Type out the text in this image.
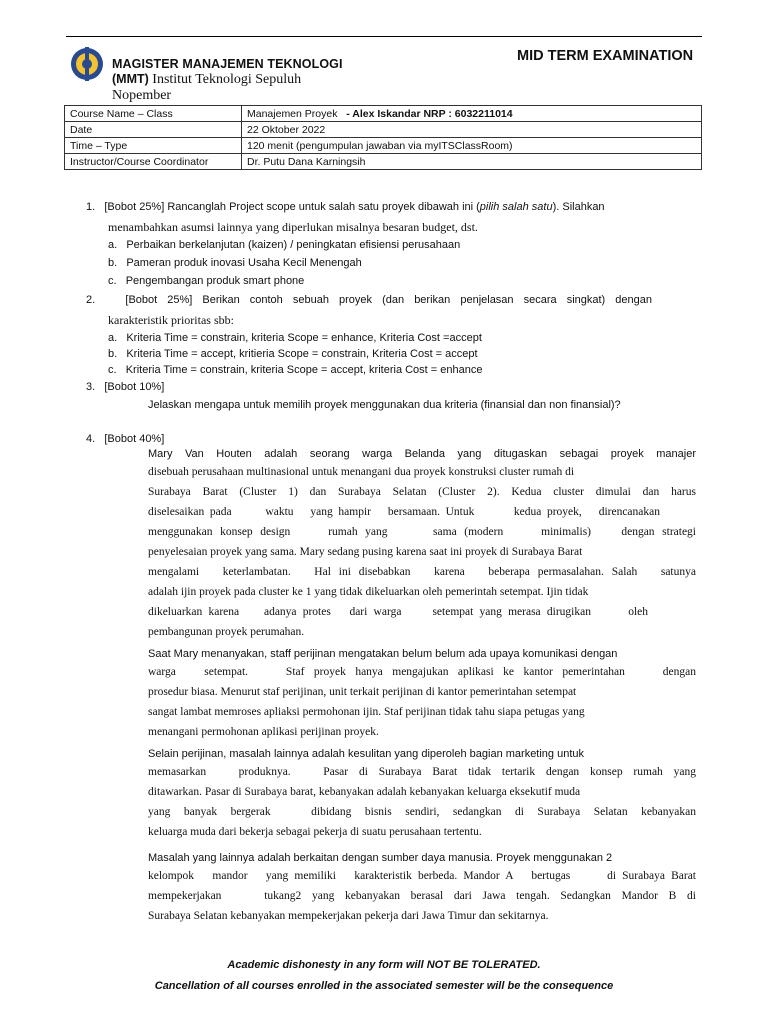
MAGISTER MANAJEMEN TEKNOLOGI
(MMT) Institut Teknologi Sepuluh
Nopember
MID TERM EXAMINATION
Course Name – Class	Manajemen Proyek - Alex Iskandar NRP : 6032211014
Date	22 Oktober 2022
Time – Type	120 menit (pengumpulan jawaban via myITSClassRoom)
Instructor/Course Coordinator	Dr. Putu Dana Karningsih
1.   [Bobot 25%] Rancanglah Project scope untuk salah satu proyek dibawah ini (pilih salah satu). Silahkan
menambahkan asumsi lainnya yang diperlukan misalnya besaran budget, dst.
a.   Perbaikan berkelanjutan (kaizen) / peningkatan efisiensi perusahaan
b.   Pameran produk inovasi Usaha Kecil Menengah
c.   Pengembangan produk smart phone
2.   [Bobot 25%] Berikan contoh sebuah proyek (dan berikan penjelasan secara singkat) dengan
karakteristik prioritas sbb:
a.   Kriteria Time = constrain, kriteria Scope = enhance, Kriteria Cost =accept
b.   Kriteria Time = accept, kritieria Scope = constrain, Kriteria Cost = accept
c.   Kriteria Time = constrain, kriteria Scope = accept, kriteria Cost = enhance
3.   [Bobot 10%]
Jelaskan mengapa untuk memilih proyek menggunakan dua kriteria (finansial dan non finansial)?
4.   [Bobot 40%]
Mary Van Houten adalah seorang warga Belanda yang ditugaskan sebagai proyek manajer
disebuah perusahaan multinasional untuk menangani dua proyek konstruksi cluster rumah di
Surabaya Barat (Cluster 1) dan Surabaya Selatan (Cluster 2). Kedua cluster dimulai dan harus
diselesaikan pada      waktu   yang hampir   bersamaan. Untuk       kedua proyek,   direncanakan
menggunakan konsep design     rumah yang      sama (modern     minimalis)    dengan strategi
penyelesaian proyek yang sama. Mary sedang pusing karena saat ini proyek di Surabaya Barat
mengalami   keterlambatan.   Hal ini disebabkan   karena   beberapa permasalahan. Salah   satunya
adalah ijin proyek pada cluster ke 1 yang tidak dikeluarkan oleh pemerintah setempat. Ijin tidak
dikeluarkan karena    adanya protes   dari warga     setempat yang merasa dirugikan      oleh
pembangunan proyek perumahan.
Saat Mary menanyakan, staff perijinan mengatakan belum belum ada upaya komunikasi dengan
warga   setempat.    Staf proyek hanya mengajukan aplikasi ke kantor pemerintahan    dengan
prosedur biasa. Menurut staf perijinan, unit terkait perijinan di kantor pemerintahan setempat
sangat lambat memroses apliaksi permohonan ijin. Staf perijinan tidak tahu siapa petugas yang
menangani permohonan aplikasi perijinan proyek.
Selain perijinan, masalah lainnya adalah kesulitan yang diperoleh bagian marketing untuk
memasarkan   produknya.   Pasar di Surabaya Barat tidak tertarik dengan konsep rumah yang
ditawarkan. Pasar di Surabaya barat, kebanyakan adalah kebanyakan keluarga eksekutif muda
yang banyak bergerak   dibidang bisnis sendiri, sedangkan di Surabaya Selatan kebanyakan
keluarga muda dari bekerja sebagai pekerja di suatu perusahaan tertentu.
Masalah yang lainnya adalah berkaitan dengan sumber daya manusia. Proyek menggunakan 2
kelompok   mandor   yang memiliki   karakteristik berbeda. Mandor A   bertugas      di Surabaya Barat
mempekerjakan    tukang2 yang kebanyakan berasal dari Jawa tengah. Sedangkan Mandor B di
Surabaya Selatan kebanyakan mempekerjakan pekerja dari Jawa Timur dan sekitarnya.
Academic dishonesty in any form will NOT BE TOLERATED.
Cancellation of all courses enrolled in the associated semester will be the consequence
